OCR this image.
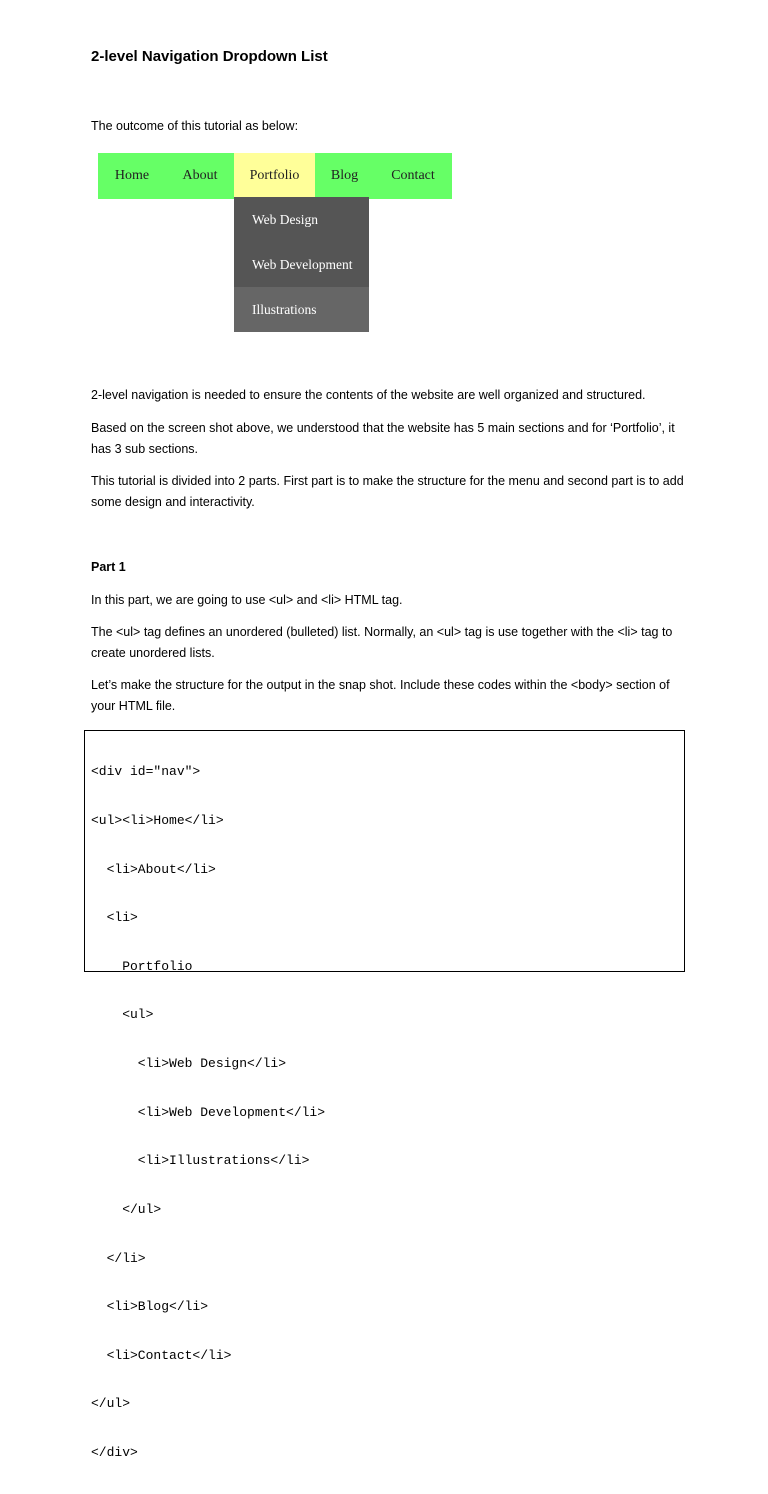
2-level Navigation Dropdown List

The outcome of this tutorial as below:

Home	About	Portfolio	Blog	Contact
Web Design
Web Development
Illustrations

2-level navigation is needed to ensure the contents of the website are well organized and structured.

Based on the screen shot above, we understood that the website has 5 main sections and for ‘Portfolio’, it has 3 sub sections.

This tutorial is divided into 2 parts. First part is to make the structure for the menu and second part is to add some design and interactivity.

Part 1

In this part, we are going to use <ul> and <li> HTML tag.

The <ul> tag defines an unordered (bulleted) list. Normally, an <ul> tag is use together with the <li> tag to create unordered lists.

Let’s make the structure for the output in the snap shot. Include these codes within the <body> section of your HTML file.

<div id="nav">

<ul><li>Home</li>

<li>About</li>

<li>

Portfolio

<ul>

<li>Web Design</li>

<li>Web Development</li>

<li>Illustrations</li>

</ul>

</li>

<li>Blog</li>

<li>Contact</li>

</ul>

</div>
